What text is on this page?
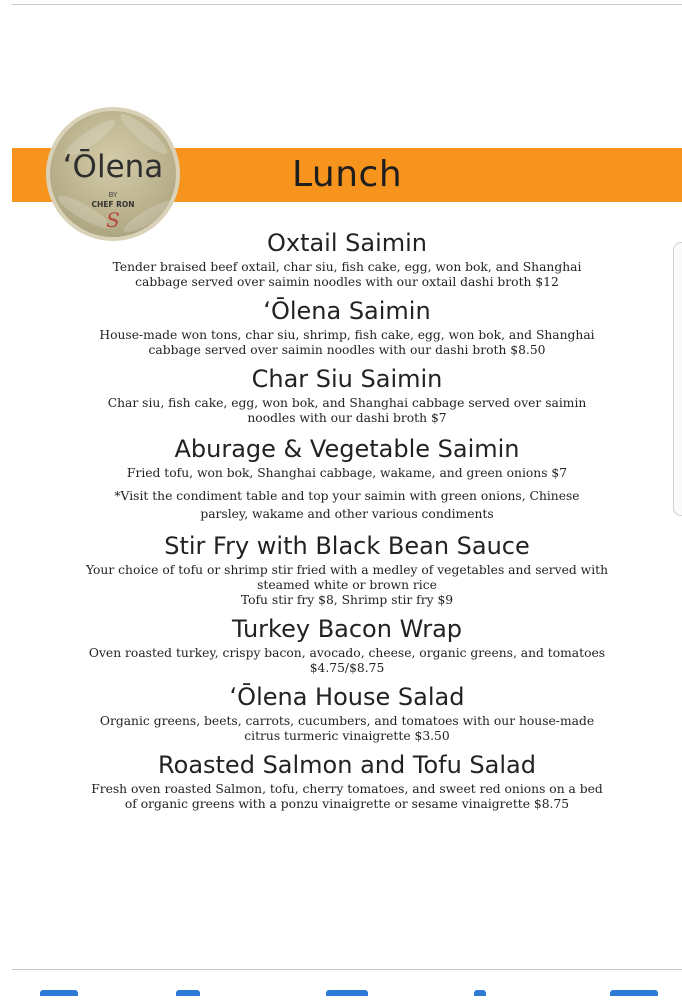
Lunch
ʻŌlena
BY
CHEF RON
S

Oxtail Saimin

Tender braised beef oxtail, char siu, fish cake, egg, won bok, and Shanghai

cabbage served over saimin noodles with our oxtail dashi broth $12

ʻŌlena Saimin

House-made won tons, char siu, shrimp, fish cake, egg, won bok, and Shanghai

cabbage served over saimin noodles with our dashi broth $8.50

Char Siu Saimin

Char siu, fish cake, egg, won bok, and Shanghai cabbage served over saimin

noodles with our dashi broth $7

Aburage & Vegetable Saimin

Fried tofu, won bok, Shanghai cabbage, wakame, and green onions $7

*Visit the condiment table and top your saimin with green onions, Chinese
parsley, wakame and other various condiments

Stir Fry with Black Bean Sauce

Your choice of tofu or shrimp stir fried with a medley of vegetables and served with

steamed white or brown rice

Tofu stir fry $8, Shrimp stir fry $9

Turkey Bacon Wrap

Oven roasted turkey, crispy bacon, avocado, cheese, organic greens, and tomatoes

$4.75/$8.75

ʻŌlena House Salad

Organic greens, beets, carrots, cucumbers, and tomatoes with our house-made

citrus turmeric vinaigrette $3.50

Roasted Salmon and Tofu Salad

Fresh oven roasted Salmon, tofu, cherry tomatoes, and sweet red onions on a bed

of organic greens with a ponzu vinaigrette or sesame vinaigrette $8.75
